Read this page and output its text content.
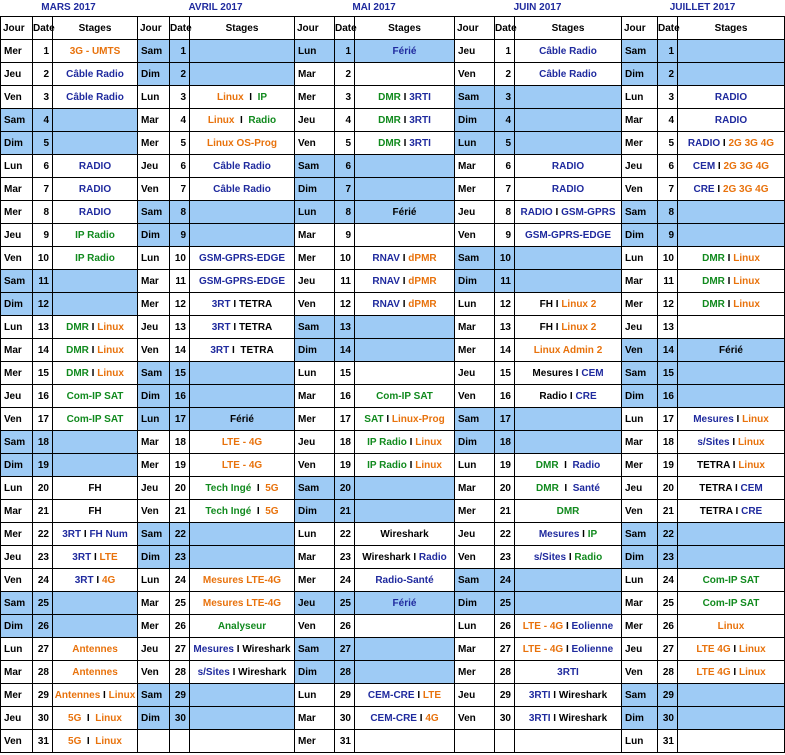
MARS 2017
Jour	Date	Stages
Mer	1	3G - UMTS
Jeu	2	Câble Radio
Ven	3	Câble Radio
Sam	4	
Dim	5	
Lun	6	RADIO
Mar	7	RADIO
Mer	8	RADIO
Jeu	9	IP Radio
Ven	10	IP Radio
Sam	11	
Dim	12	
Lun	13	DMR I Linux
Mar	14	DMR I Linux
Mer	15	DMR I Linux
Jeu	16	Com-IP SAT
Ven	17	Com-IP SAT
Sam	18	
Dim	19	
Lun	20	FH
Mar	21	FH
Mer	22	3RT I FH Num
Jeu	23	3RT I LTE
Ven	24	3RT I 4G
Sam	25	
Dim	26	
Lun	27	Antennes
Mar	28	Antennes
Mer	29	Antennes I Linux
Jeu	30	5G  I  Linux
Ven	31	5G  I  Linux
AVRIL 2017
Jour	Date	Stages
Sam	1	
Dim	2	
Lun	3	Linux  I  IP
Mar	4	Linux  I  Radio
Mer	5	Linux OS-Prog
Jeu	6	Câble Radio
Ven	7	Câble Radio
Sam	8	
Dim	9	
Lun	10	GSM-GPRS-EDGE
Mar	11	GSM-GPRS-EDGE
Mer	12	3RT I TETRA
Jeu	13	3RT I TETRA
Ven	14	3RT I  TETRA
Sam	15	
Dim	16	
Lun	17	Férié
Mar	18	LTE - 4G
Mer	19	LTE - 4G
Jeu	20	Tech Ingé  I  5G
Ven	21	Tech Ingé  I  5G
Sam	22	
Dim	23	
Lun	24	Mesures LTE-4G
Mar	25	Mesures LTE-4G
Mer	26	Analyseur
Jeu	27	Mesures I Wireshark
Ven	28	s/Sites I Wireshark
Sam	29	
Dim	30	

MAI 2017
Jour	Date	Stages
Lun	1	Férié
Mar	2	
Mer	3	DMR I 3RTI
Jeu	4	DMR I 3RTI
Ven	5	DMR I 3RTI
Sam	6	
Dim	7	
Lun	8	Férié
Mar	9	
Mer	10	RNAV I dPMR
Jeu	11	RNAV I dPMR
Ven	12	RNAV I dPMR
Sam	13	
Dim	14	
Lun	15	
Mar	16	Com-IP SAT
Mer	17	SAT I Linux-Prog
Jeu	18	IP Radio I Linux
Ven	19	IP Radio I Linux
Sam	20	
Dim	21	
Lun	22	Wireshark
Mar	23	Wireshark I Radio
Mer	24	Radio-Santé
Jeu	25	Férié
Ven	26	
Sam	27	
Dim	28	
Lun	29	CEM-CRE I LTE
Mar	30	CEM-CRE I 4G
Mer	31	
JUIN 2017
Jour	Date	Stages
Jeu	1	Câble Radio
Ven	2	Câble Radio
Sam	3	
Dim	4	
Lun	5	
Mar	6	RADIO
Mer	7	RADIO
Jeu	8	RADIO I GSM-GPRS
Ven	9	GSM-GPRS-EDGE
Sam	10	
Dim	11	
Lun	12	FH I Linux 2
Mar	13	FH I Linux 2
Mer	14	Linux Admin 2
Jeu	15	Mesures I CEM
Ven	16	Radio I CRE
Sam	17	
Dim	18	
Lun	19	DMR  I  Radio
Mar	20	DMR  I  Santé
Mer	21	DMR
Jeu	22	Mesures I IP
Ven	23	s/Sites I Radio
Sam	24	
Dim	25	
Lun	26	LTE - 4G I Eolienne
Mar	27	LTE - 4G I Eolienne
Mer	28	3RTI
Jeu	29	3RTI I Wireshark
Ven	30	3RTI I Wireshark

JUILLET 2017
Jour	Date	Stages
Sam	1	
Dim	2	
Lun	3	RADIO
Mar	4	RADIO
Mer	5	RADIO I 2G 3G 4G
Jeu	6	CEM I 2G 3G 4G
Ven	7	CRE I 2G 3G 4G
Sam	8	
Dim	9	
Lun	10	DMR I Linux
Mar	11	DMR I Linux
Mer	12	DMR I Linux
Jeu	13	
Ven	14	Férié
Sam	15	
Dim	16	
Lun	17	Mesures I Linux
Mar	18	s/Sites I Linux
Mer	19	TETRA I Linux
Jeu	20	TETRA I CEM
Ven	21	TETRA I CRE
Sam	22	
Dim	23	
Lun	24	Com-IP SAT
Mar	25	Com-IP SAT
Mer	26	Linux
Jeu	27	LTE 4G I Linux
Ven	28	LTE 4G I Linux
Sam	29	
Dim	30	
Lun	31	
